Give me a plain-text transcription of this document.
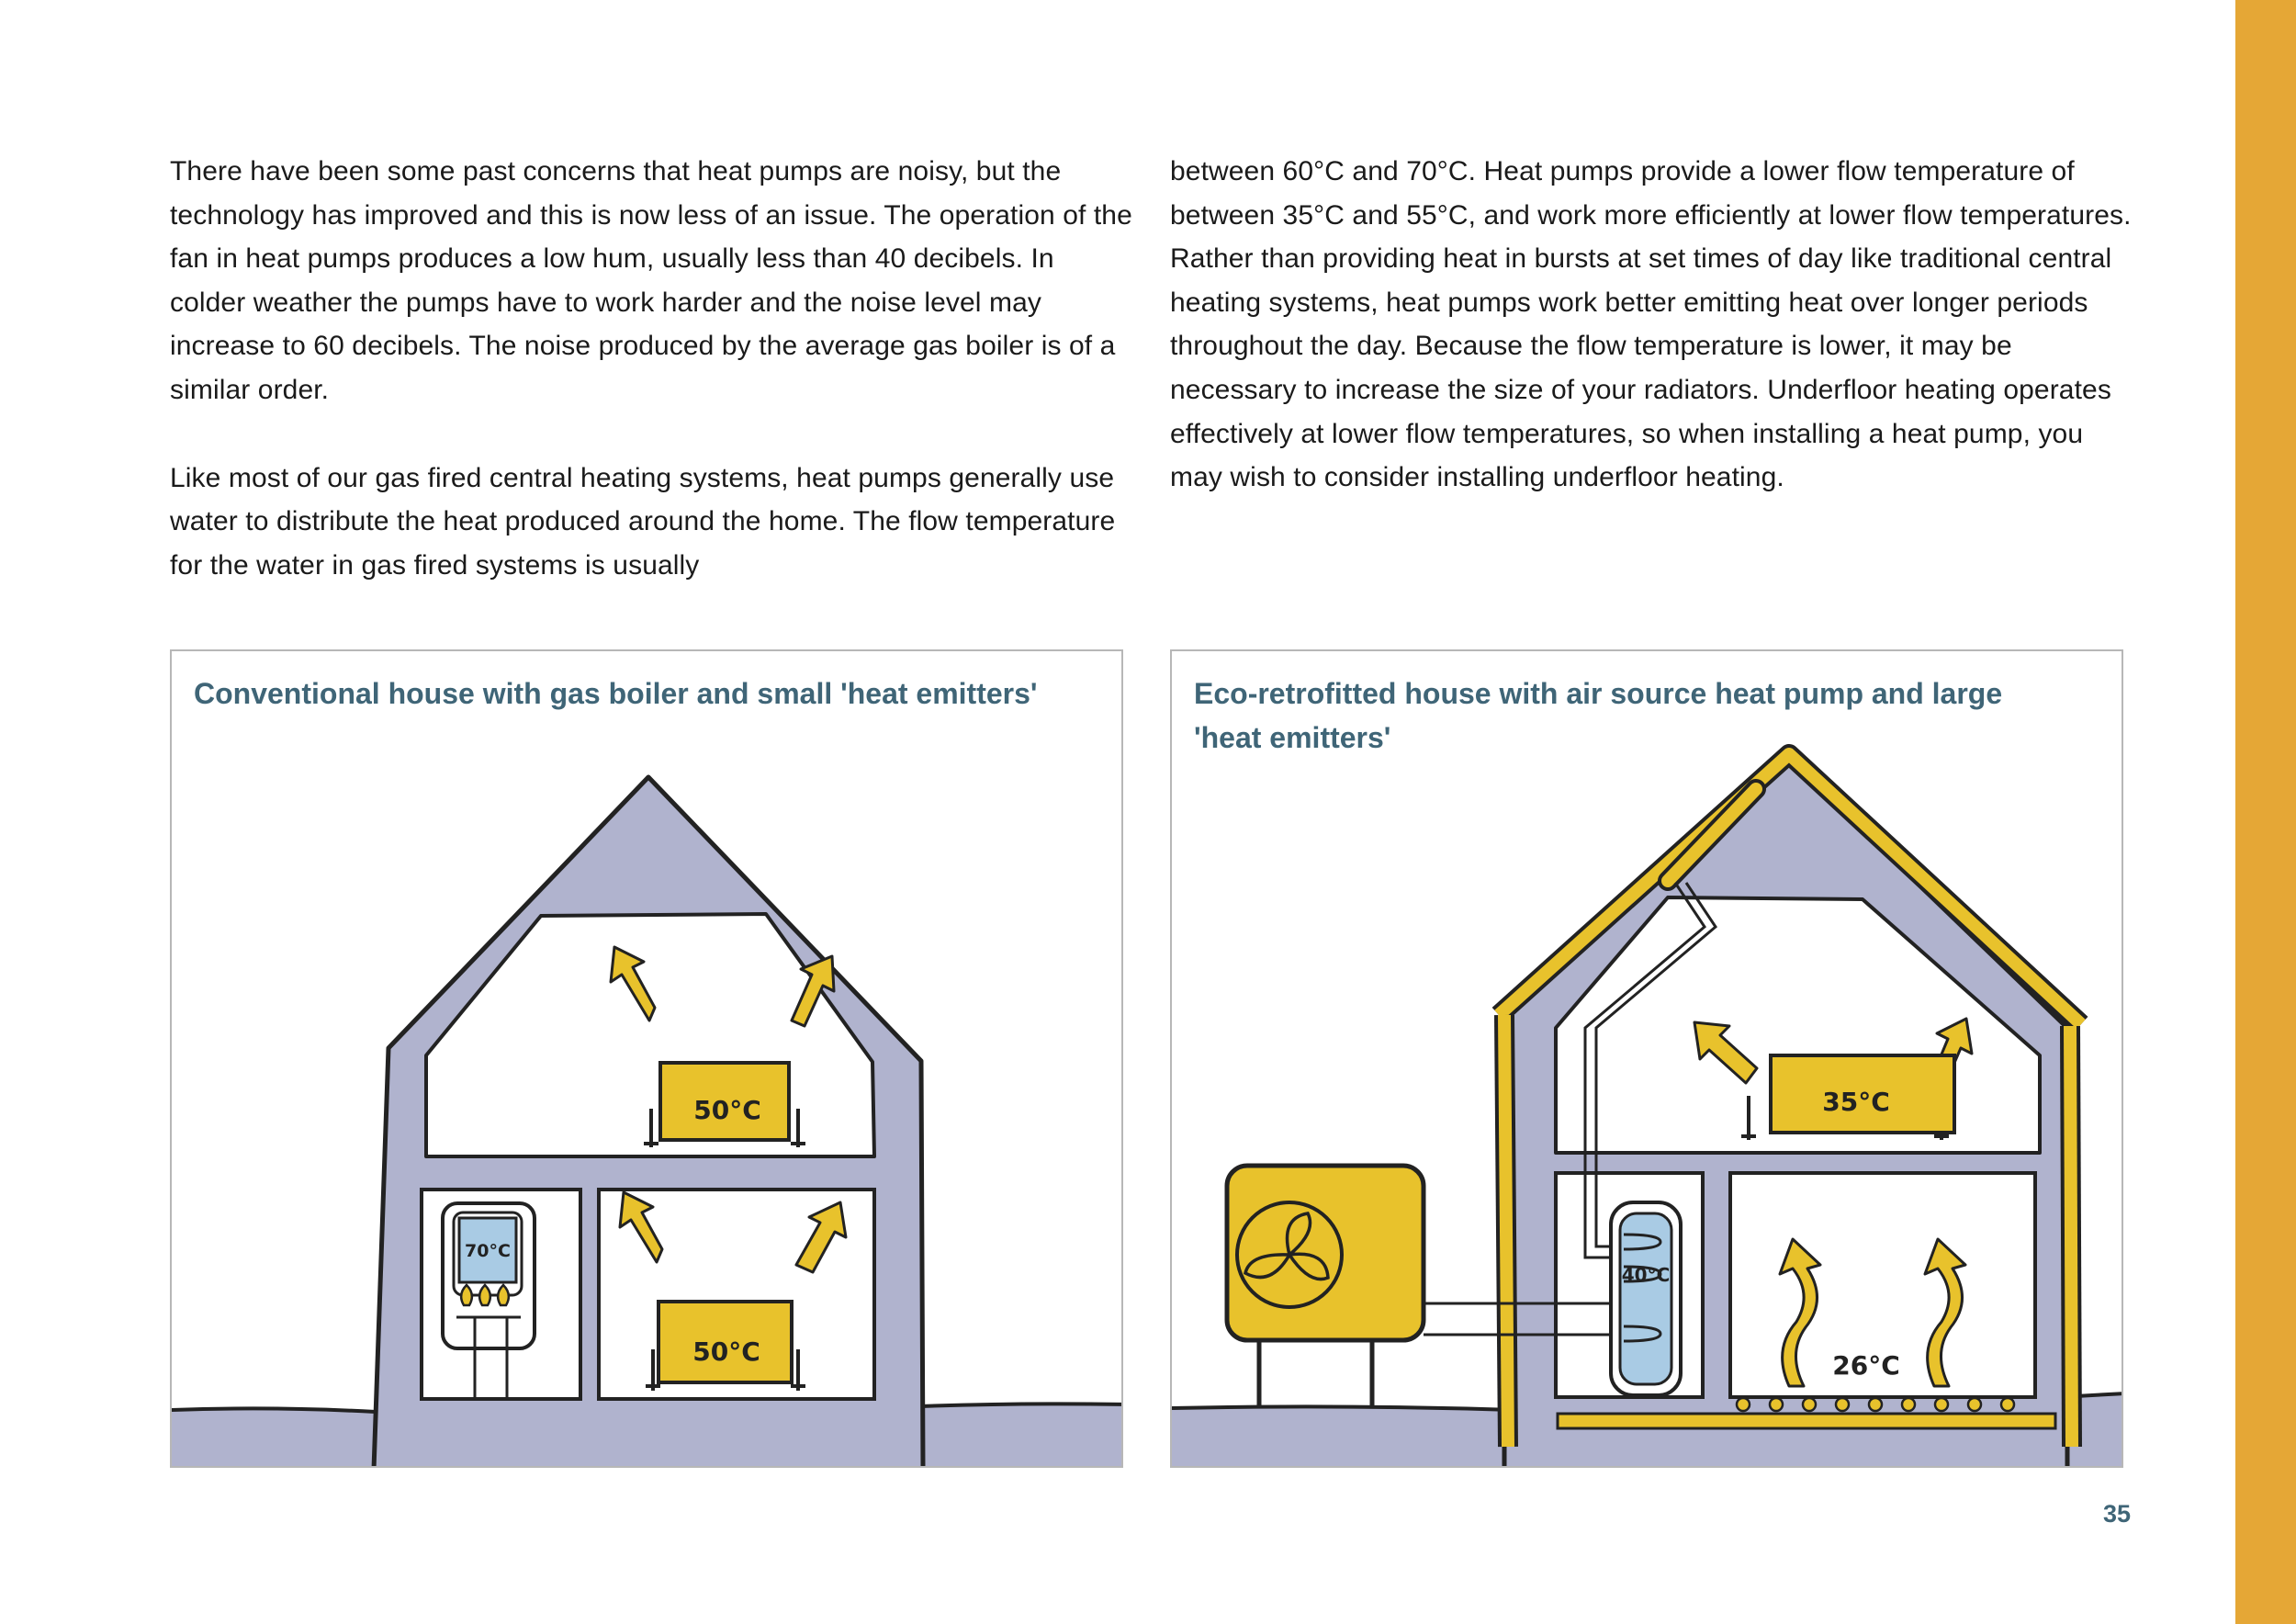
There have been some past concerns that heat pumps are noisy, but the technology has improved and this is now less of an issue. The operation of the fan in heat pumps produces a low hum, usually less than 40 decibels. In colder weather the pumps have to work harder and the noise level may increase to 60 decibels. The noise produced by the average gas boiler is of a similar order.

Like most of our gas fired central heating systems, heat pumps generally use water to distribute the heat produced around the home. The flow temperature for the water in gas fired systems is usually

between 60°C and 70°C. Heat pumps provide a lower flow temperature of between 35°C and 55°C, and work more efficiently at lower flow temperatures. Rather than providing heat in bursts at set times of day like traditional central heating systems, heat pumps work better emitting heat over longer periods throughout the day. Because the flow temperature is lower, it may be necessary to increase the size of your radiators. Underfloor heating operates effectively at lower flow temperatures, so when installing a heat pump, you may wish to consider installing underfloor heating.

Conventional house with gas boiler and small 'heat emitters'
70°C
50°C
50°C
Eco-retrofitted house with air source heat pump and large 'heat emitters'
40°C
35°C
26°C
35
